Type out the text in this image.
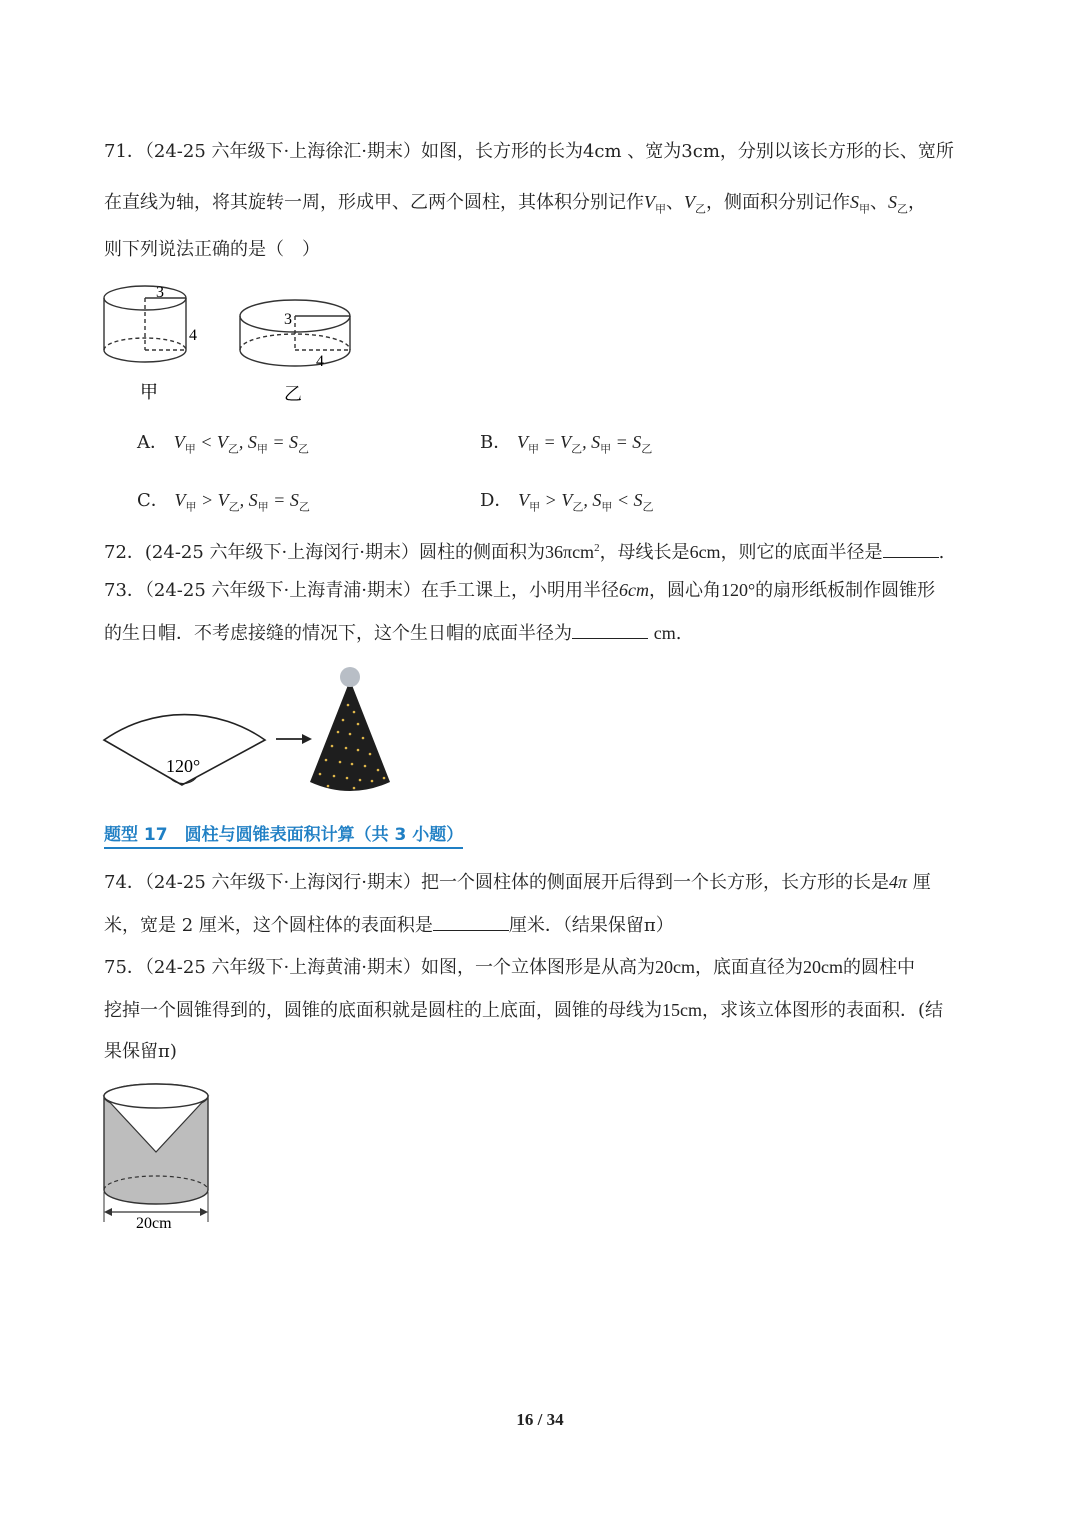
71．（24-25 六年级下·上海徐汇·期末）如图，长方形的长为4cm 、宽为3cm，分别以该长方形的长、宽所
在直线为轴，将其旋转一周，形成甲、乙两个圆柱，其体积分别记作$V_甲$、$V_乙$，侧面积分别记作$S_甲$、$S_乙$，
则下列说法正确的是（　）
3
4
甲
3
4
乙
A． $V_甲 < V_乙$, $S_甲 = S_乙$	B． $V_甲 = V_乙$, $S_甲 = S_乙$
C． $V_甲 > V_乙$, $S_甲 = S_乙$	D． $V_甲 > V_乙$, $S_甲 < S_乙$
72．(24-25 六年级下·上海闵行·期末）圆柱的侧面积为36πcm$^2$，母线长是6cm，则它的底面半径是	.
73．（24-25 六年级下·上海青浦·期末）在手工课上，小明用半径6cm，圆心角120°的扇形纸板制作圆锥形
的生日帽．不考虑接缝的情况下，这个生日帽的底面半径为	cm.
120°
题型 17　圆柱与圆锥表面积计算（共 3 小题）
74．（24-25 六年级下·上海闵行·期末）把一个圆柱体的侧面展开后得到一个长方形，长方形的长是4π 厘
米，宽是 2 厘米，这个圆柱体的表面积是	厘米．（结果保留π）
75．（24-25 六年级下·上海黄浦·期末）如图，一个立体图形是从高为20cm，底面直径为20cm的圆柱中
挖掉一个圆锥得到的，圆锥的底面积就是圆柱的上底面，圆锥的母线为15cm，求该立体图形的表面积．(结
果保留π)
20cm
16 / 34
